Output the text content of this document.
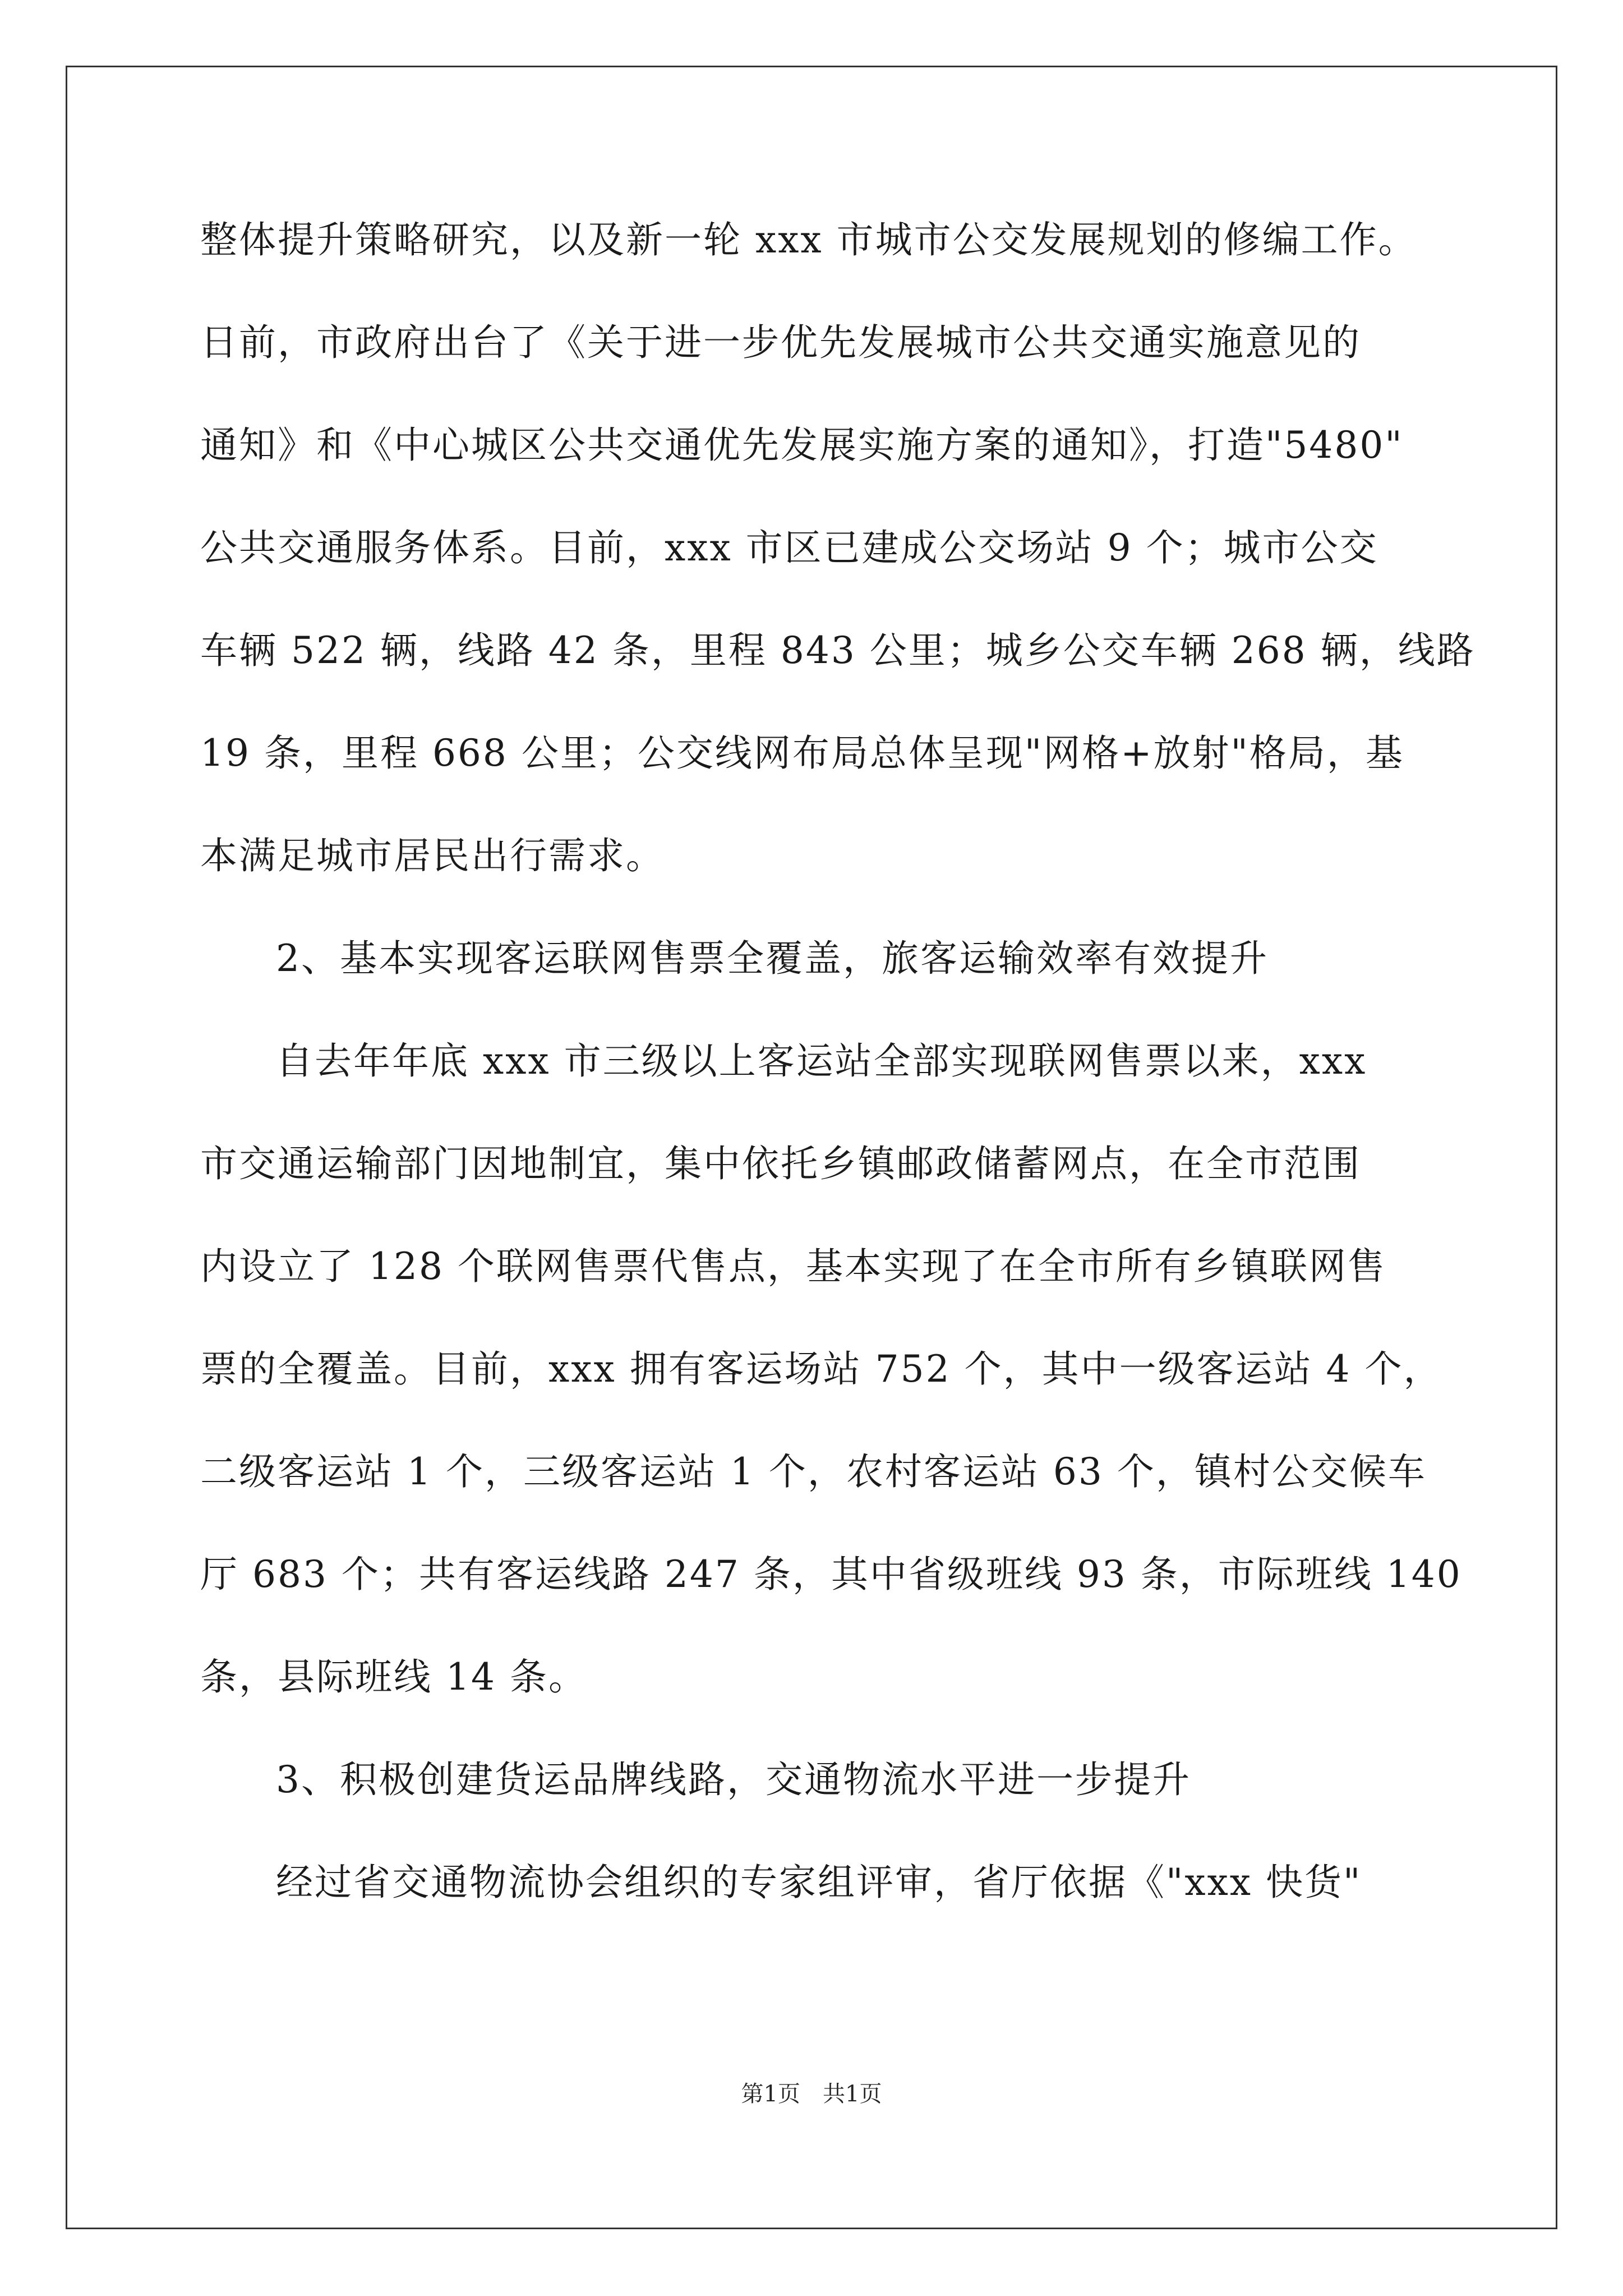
整体提升策略研究，以及新一轮 xxx 市城市公交发展规划的修编工作。
日前，市政府出台了《关于进一步优先发展城市公共交通实施意见的
通知》和《中心城区公共交通优先发展实施方案的通知》，打造"5480"
公共交通服务体系。目前，xxx 市区已建成公交场站 9 个；城市公交
车辆 522 辆，线路 42 条，里程 843 公里；城乡公交车辆 268 辆，线路
19 条，里程 668 公里；公交线网布局总体呈现"网格+放射"格局，基
本满足城市居民出行需求。
2、基本实现客运联网售票全覆盖，旅客运输效率有效提升
自去年年底 xxx 市三级以上客运站全部实现联网售票以来，xxx
市交通运输部门因地制宜，集中依托乡镇邮政储蓄网点，在全市范围
内设立了 128 个联网售票代售点，基本实现了在全市所有乡镇联网售
票的全覆盖。目前，xxx 拥有客运场站 752 个，其中一级客运站 4 个，
二级客运站 1 个，三级客运站 1 个，农村客运站 63 个，镇村公交候车
厅 683 个；共有客运线路 247 条，其中省级班线 93 条，市际班线 140
条，县际班线 14 条。
3、积极创建货运品牌线路，交通物流水平进一步提升
经过省交通物流协会组织的专家组评审，省厅依据《"xxx 快货"
第1页 共1页
